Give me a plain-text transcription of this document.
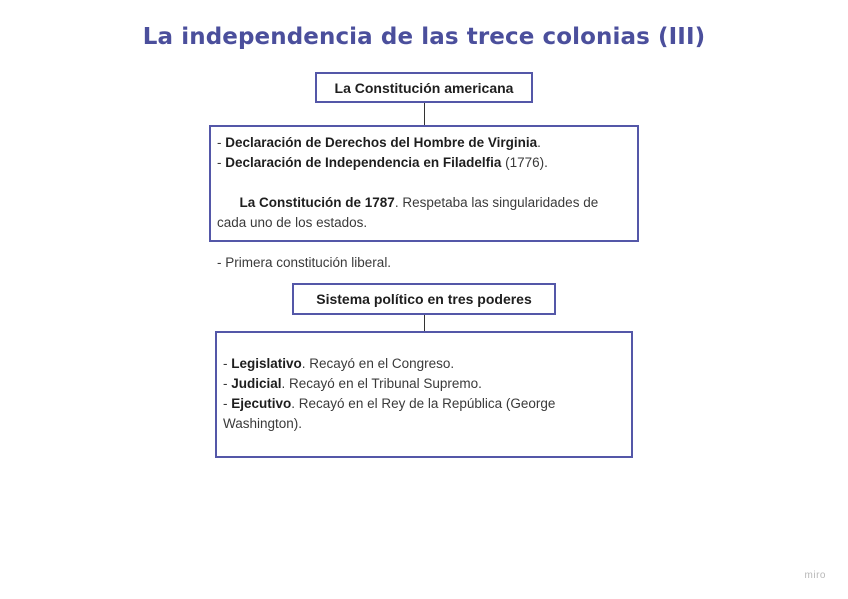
La independencia de las trece colonias (III)
La Constitución americana
- Declaración de Derechos del Hombre de Virginia.
- Declaración de Independencia en Filadelfia (1776).

La Constitución de 1787. Respetaba las singularidades de cada uno de los estados.

- Primera constitución liberal.
Sistema político en tres poderes
- Legislativo. Recayó en el Congreso.
- Judicial. Recayó en el Tribunal Supremo.
- Ejecutivo. Recayó en el Rey de la República (George Washington).
miro
